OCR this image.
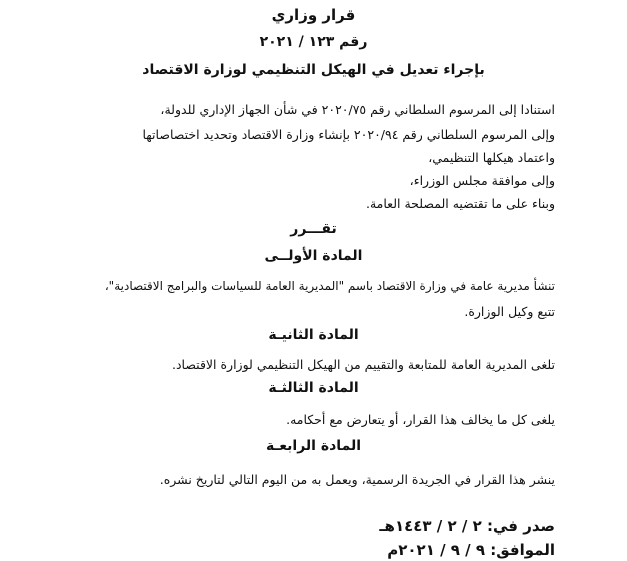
قرار وزاري
رقم ١٢٣ / ٢٠٢١
بإجراء تعديل في الهيكل التنظيمي لوزارة الاقتصاد
استنادا إلى المرسوم السلطاني رقم ٢٠٢٠/٧٥ في شأن الجهاز الإداري للدولة،
وإلى المرسوم السلطاني رقم ٢٠٢٠/٩٤ بإنشاء وزارة الاقتصاد وتحديد اختصاصاتها
واعتماد هيكلها التنظيمي،
وإلى موافقة مجلس الوزراء،
وبناء على ما تقتضيه المصلحة العامة.
تقـــرر
المادة الأولــى
تنشأ مديرية عامة في وزارة الاقتصاد باسم "المديرية العامة للسياسات والبرامج الاقتصادية"،
تتبع وكيل الوزارة.
المادة الثانيـة
تلغى المديرية العامة للمتابعة والتقييم من الهيكل التنظيمي لوزارة الاقتصاد.
المادة الثالثـة
يلغى كل ما يخالف هذا القرار، أو يتعارض مع أحكامه.
المادة الرابعـة
ينشر هذا القرار في الجريدة الرسمية، ويعمل به من اليوم التالي لتاريخ نشره.
صدر في: ٢ / ٢ / ١٤٤٣هـ
الموافق: ٩ / ٩ / ٢٠٢١م
